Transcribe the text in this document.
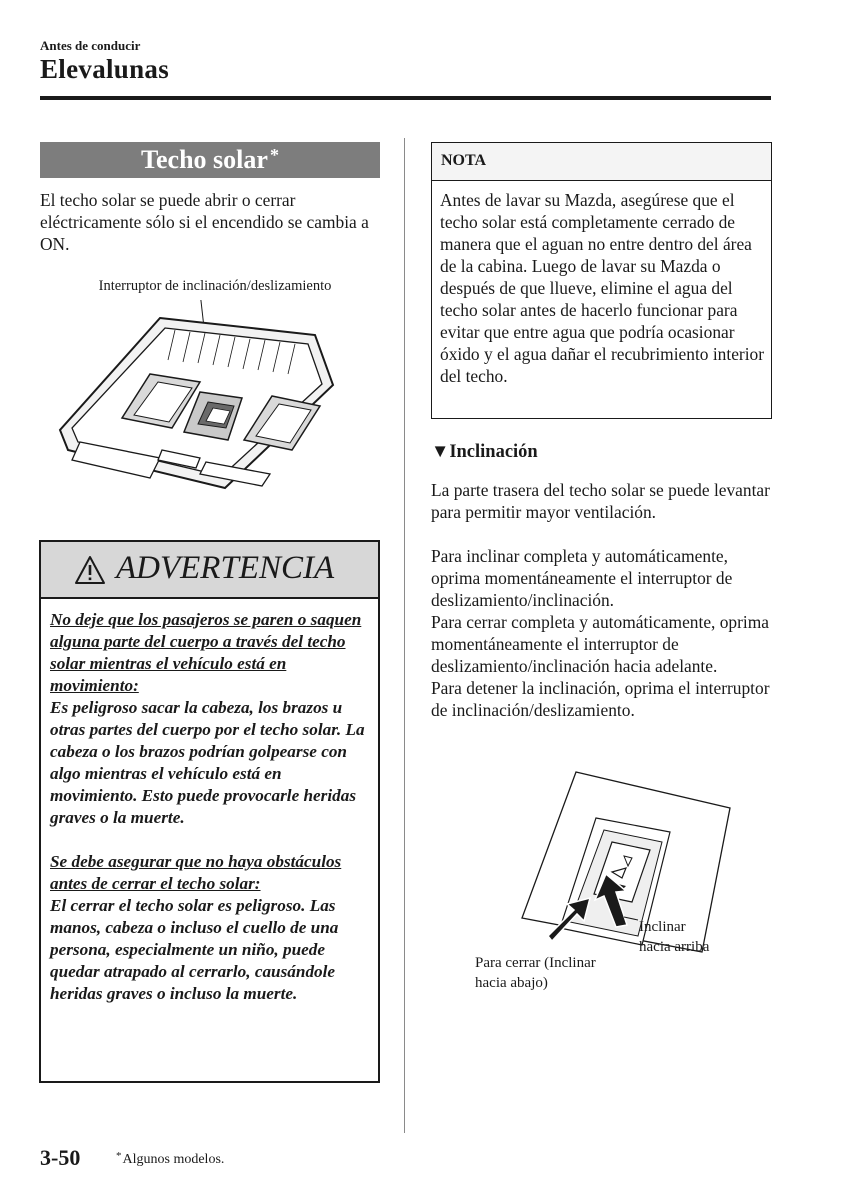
Antes de conducir
Elevalunas
Techo solar *
El techo solar se puede abrir o cerrar eléctricamente sólo si el encendido se cambia a ON.
Interruptor de inclinación/deslizamiento
ADVERTENCIA

No deje que los pasajeros se paren o saquen alguna parte del cuerpo a través del techo solar mientras el vehículo está en movimiento:

Es peligroso sacar la cabeza, los brazos u otras partes del cuerpo por el techo solar. La cabeza o los brazos podrían golpearse con algo mientras el vehículo está en movimiento. Esto puede provocarle heridas graves o la muerte.

Se debe asegurar que no haya obstáculos antes de cerrar el techo solar:

El cerrar el techo solar es peligroso. Las manos, cabeza o incluso el cuello de una persona, especialmente un niño, puede quedar atrapado al cerrarlo, causándole heridas graves o incluso la muerte.

NOTA
Antes de lavar su Mazda, asegúrese que el techo solar está completamente cerrado de manera que el aguan no entre dentro del área de la cabina. Luego de lavar su Mazda o después de que llueve, elimine el agua del techo solar antes de hacerlo funcionar para evitar que entre agua que podría ocasionar óxido y el agua dañar el recubrimiento interior del techo.
▼Inclinación
La parte trasera del techo solar se puede levantar para permitir mayor ventilación.

Para inclinar completa y automáticamente, oprima momentáneamente el interruptor de deslizamiento/inclinación.

Para cerrar completa y automáticamente, oprima momentáneamente el interruptor de deslizamiento/inclinación hacia adelante.

Para detener la inclinación, oprima el interruptor de inclinación/deslizamiento.

Inclinar
hacia arriba
Para cerrar (Inclinar
hacia abajo)
3-50	*Algunos modelos.
